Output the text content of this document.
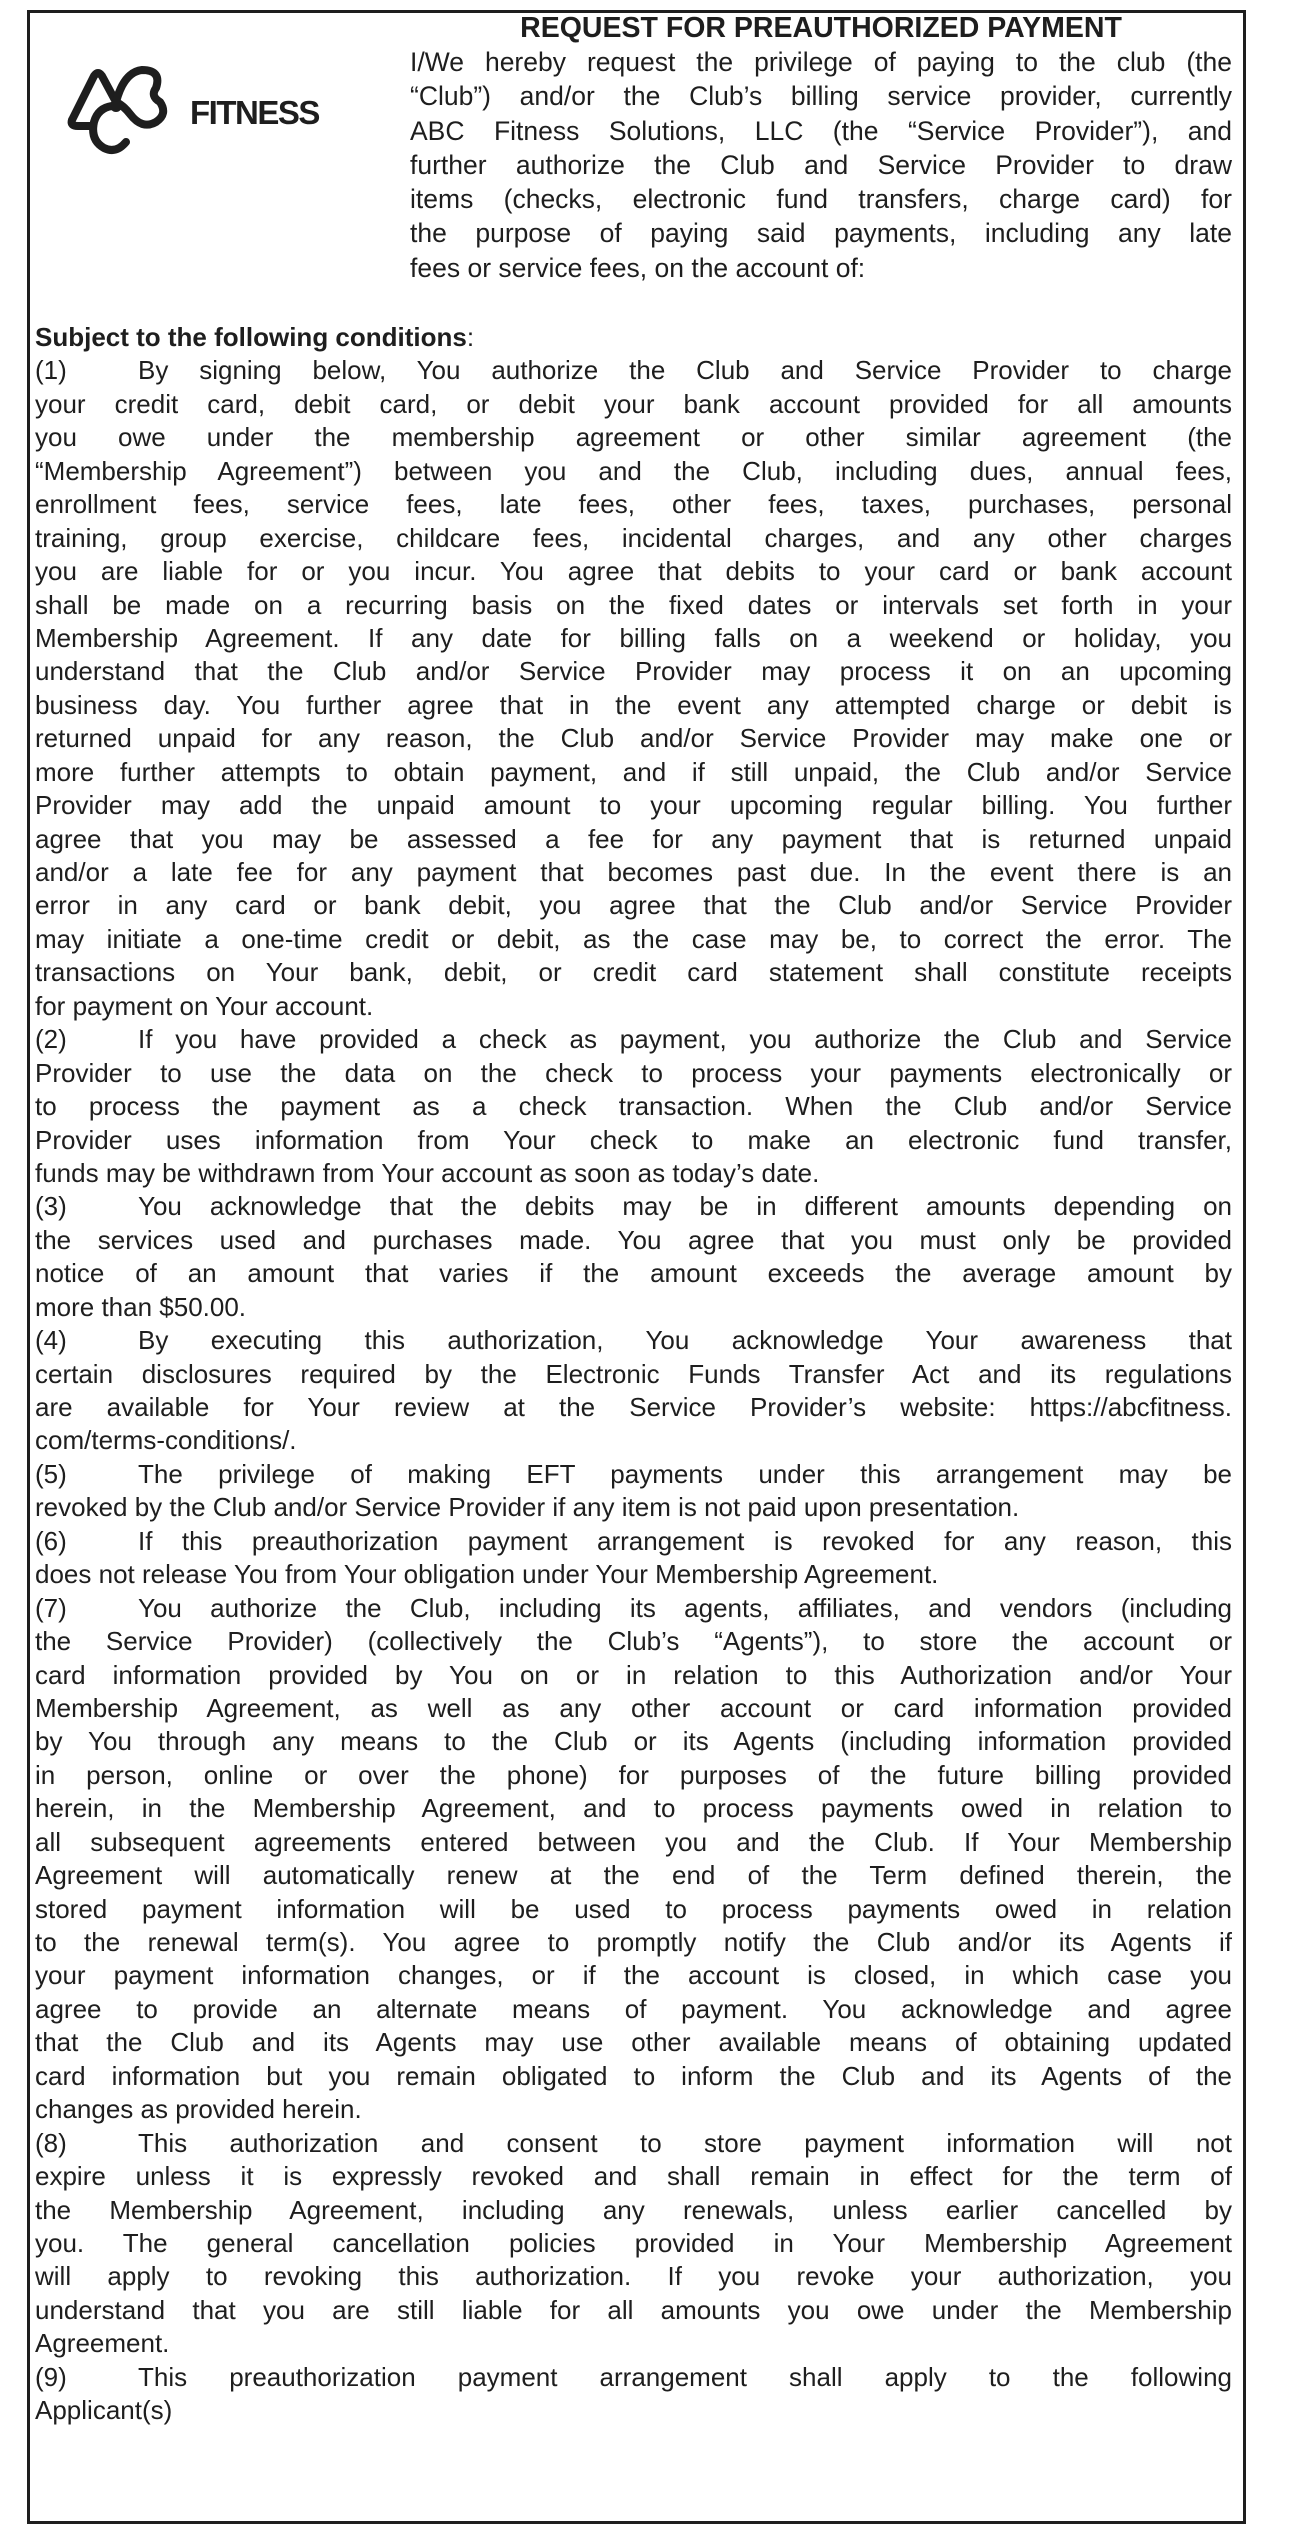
FITNESS
REQUEST FOR PREAUTHORIZED PAYMENT
I/We hereby request the privilege of paying to the club (the
“Club”) and/or the Club’s billing service provider, currently
ABC Fitness Solutions, LLC (the “Service Provider”), and
further authorize the Club and Service Provider to draw
items (checks, electronic fund transfers, charge card) for
the purpose of paying said payments, including any late
fees or service fees, on the account of:
Subject to the following conditions:
(1)	By signing below, You authorize the Club and Service Provider to charge
your credit card, debit card, or debit your bank account provided for all amounts
you owe under the membership agreement or other similar agreement (the
“Membership Agreement”) between you and the Club, including dues, annual fees,
enrollment fees, service fees, late fees, other fees, taxes, purchases, personal
training, group exercise, childcare fees, incidental charges, and any other charges
you are liable for or you incur. You agree that debits to your card or bank account
shall be made on a recurring basis on the fixed dates or intervals set forth in your
Membership Agreement. If any date for billing falls on a weekend or holiday, you
understand that the Club and/or Service Provider may process it on an upcoming
business day. You further agree that in the event any attempted charge or debit is
returned unpaid for any reason, the Club and/or Service Provider may make one or
more further attempts to obtain payment, and if still unpaid, the Club and/or Service
Provider may add the unpaid amount to your upcoming regular billing. You further
agree that you may be assessed a fee for any payment that is returned unpaid
and/or a late fee for any payment that becomes past due. In the event there is an
error in any card or bank debit, you agree that the Club and/or Service Provider
may initiate a one-time credit or debit, as the case may be, to correct the error. The
transactions on Your bank, debit, or credit card statement shall constitute receipts
for payment on Your account.
(2)	If you have provided a check as payment, you authorize the Club and Service
Provider to use the data on the check to process your payments electronically or
to process the payment as a check transaction. When the Club and/or Service
Provider uses information from Your check to make an electronic fund transfer,
funds may be withdrawn from Your account as soon as today’s date.
(3)	You acknowledge that the debits may be in different amounts depending on
the services used and purchases made. You agree that you must only be provided
notice of an amount that varies if the amount exceeds the average amount by
more than $50.00.
(4)	By executing this authorization, You acknowledge Your awareness that
certain disclosures required by the Electronic Funds Transfer Act and its regulations
are available for Your review at the Service Provider’s website: https://abcfitness.
com/terms-conditions/.
(5)	The privilege of making EFT payments under this arrangement may be
revoked by the Club and/or Service Provider if any item is not paid upon presentation.
(6)	If this preauthorization payment arrangement is revoked for any reason, this
does not release You from Your obligation under Your Membership Agreement.
(7)	You authorize the Club, including its agents, affiliates, and vendors (including
the Service Provider) (collectively the Club’s “Agents”), to store the account or
card information provided by You on or in relation to this Authorization and/or Your
Membership Agreement, as well as any other account or card information provided
by You through any means to the Club or its Agents (including information provided
in person, online or over the phone) for purposes of the future billing provided
herein, in the Membership Agreement, and to process payments owed in relation to
all subsequent agreements entered between you and the Club. If Your Membership
Agreement will automatically renew at the end of the Term defined therein, the
stored payment information will be used to process payments owed in relation
to the renewal term(s). You agree to promptly notify the Club and/or its Agents if
your payment information changes, or if the account is closed, in which case you
agree to provide an alternate means of payment. You acknowledge and agree
that the Club and its Agents may use other available means of obtaining updated
card information but you remain obligated to inform the Club and its Agents of the
changes as provided herein.
(8)	This authorization and consent to store payment information will not
expire unless it is expressly revoked and shall remain in effect for the term of
the Membership Agreement, including any renewals, unless earlier cancelled by
you. The general cancellation policies provided in Your Membership Agreement
will apply to revoking this authorization. If you revoke your authorization, you
understand that you are still liable for all amounts you owe under the Membership
Agreement.
(9)	This preauthorization payment arrangement shall apply to the following
Applicant(s)
